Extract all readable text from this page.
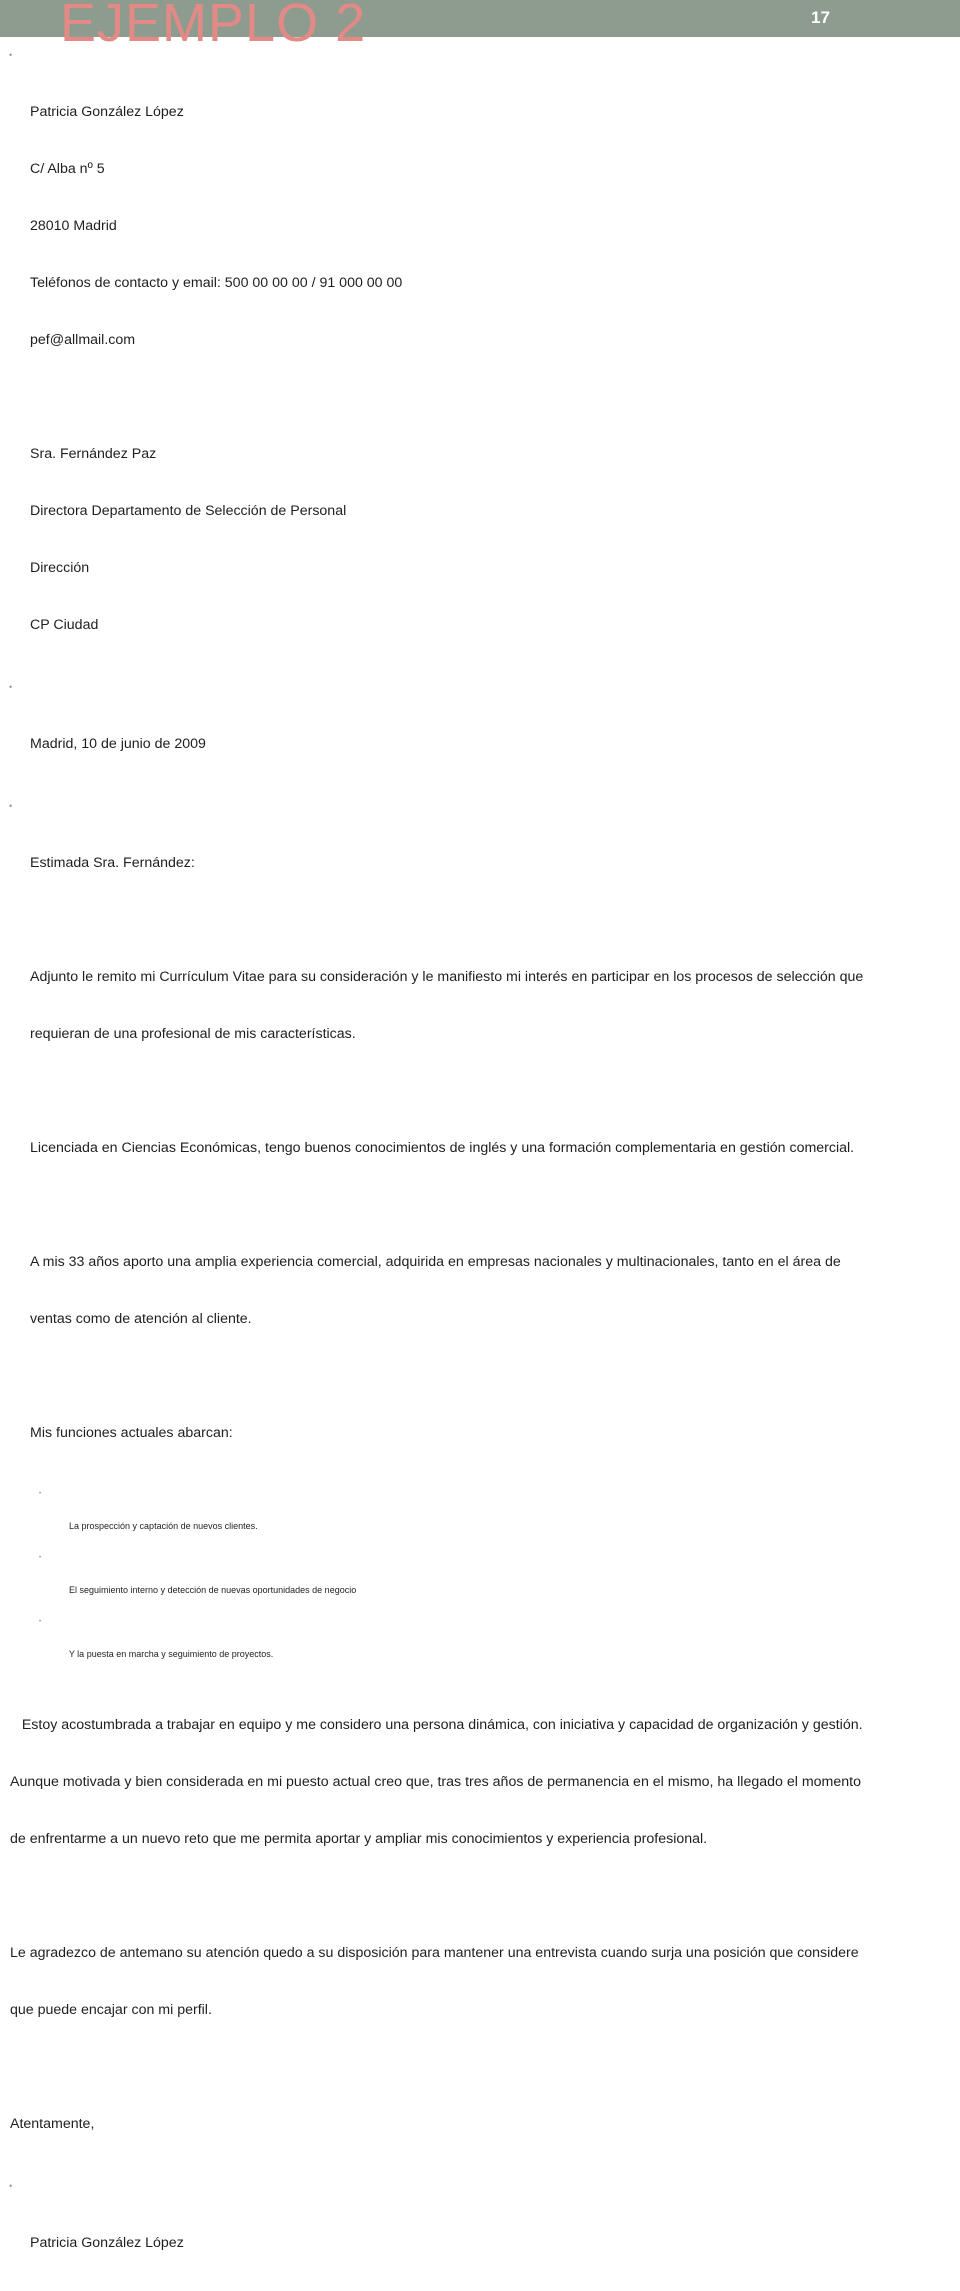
EJEMPLO 2	17

•

Patricia González López

C/ Alba nº 5

28010 Madrid

Teléfonos de contacto y email: 500 00 00 00 / 91 000 00 00

pef@allmail.com

Sra. Fernández Paz

Directora Departamento de Selección de Personal

Dirección

CP Ciudad

•

Madrid, 10 de junio de 2009

•

Estimada Sra. Fernández:

Adjunto le remito mi Currículum Vitae para su consideración y le manifiesto mi interés en participar en los procesos de selección que

requieran de una profesional de mis características.

Licenciada en Ciencias Económicas, tengo buenos conocimientos de inglés y una formación complementaria en gestión comercial.

A mis 33 años aporto una amplia experiencia comercial, adquirida en empresas nacionales y multinacionales, tanto en el área de

ventas como de atención al cliente.

Mis funciones actuales abarcan:

•

La prospección y captación de nuevos clientes.

•

El seguimiento interno y detección de nuevas oportunidades de negocio

•

Y la puesta en marcha y seguimiento de proyectos.

Estoy acostumbrada a trabajar en equipo y me considero una persona dinámica, con iniciativa y capacidad de organización y gestión.

Aunque motivada y bien considerada en mi puesto actual creo que, tras tres años de permanencia en el mismo, ha llegado el momento

de enfrentarme a un nuevo reto que me permita aportar y ampliar mis conocimientos y experiencia profesional.

Le agradezco de antemano su atención quedo a su disposición para mantener una entrevista cuando surja una posición que considere

que puede encajar con mi perfil.

Atentamente,

•

Patricia González López
